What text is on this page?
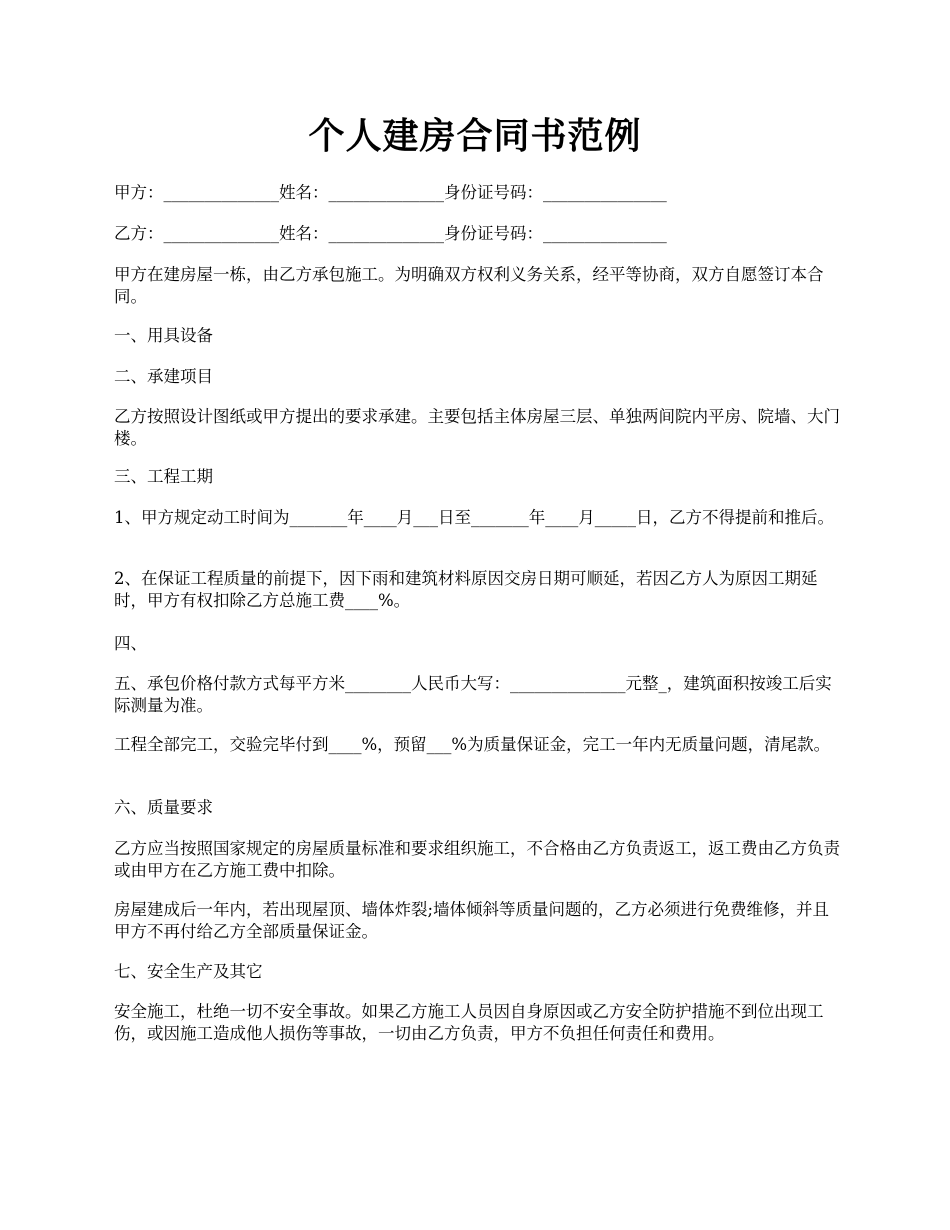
个人建房合同书范例
甲方：______________姓名：______________身份证号码：_______________
乙方：______________姓名：______________身份证号码：_______________
甲方在建房屋一栋，由乙方承包施工。为明确双方权利义务关系，经平等协商，双方自愿签订本合同。
一、用具设备
二、承建项目
乙方按照设计图纸或甲方提出的要求承建。主要包括主体房屋三层、单独两间院内平房、院墙、大门楼。
三、工程工期
1、甲方规定动工时间为_______年____月___日至_______年____月_____日，乙方不得提前和推后。
2、在保证工程质量的前提下，因下雨和建筑材料原因交房日期可顺延，若因乙方人为原因工期延时，甲方有权扣除乙方总施工费____%。
四、
五、承包价格付款方式每平方米________人民币大写：______________元整_，建筑面积按竣工后实际测量为准。
工程全部完工，交验完毕付到____%，预留___%为质量保证金，完工一年内无质量问题，清尾款。
六、质量要求
乙方应当按照国家规定的房屋质量标准和要求组织施工，不合格由乙方负责返工，返工费由乙方负责或由甲方在乙方施工费中扣除。
房屋建成后一年内，若出现屋顶、墙体炸裂;墙体倾斜等质量问题的，乙方必须进行免费维修，并且甲方不再付给乙方全部质量保证金。
七、安全生产及其它
安全施工，杜绝一切不安全事故。如果乙方施工人员因自身原因或乙方安全防护措施不到位出现工伤，或因施工造成他人损伤等事故，一切由乙方负责，甲方不负担任何责任和费用。
